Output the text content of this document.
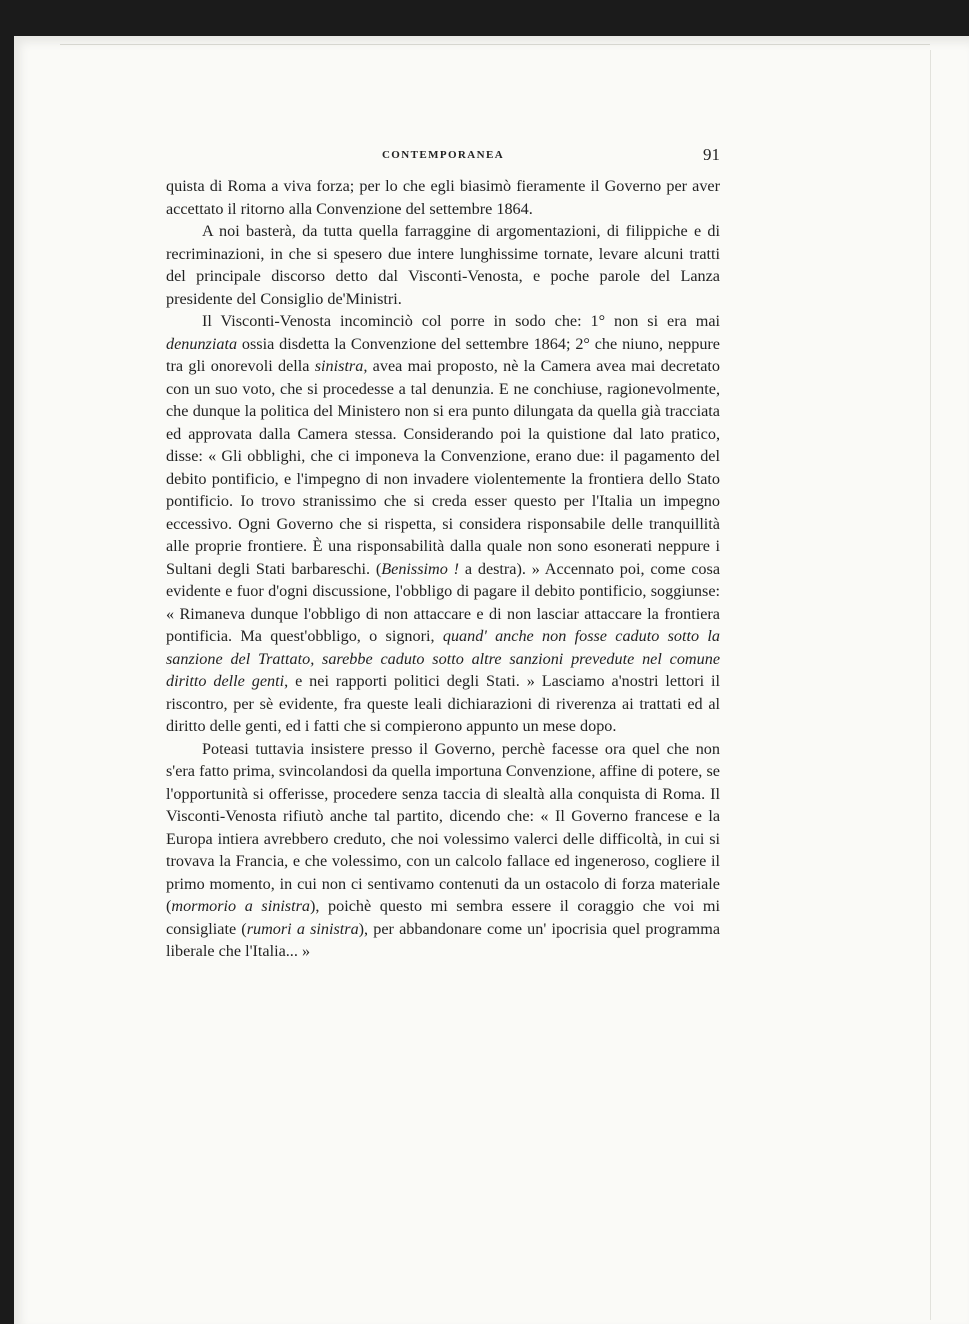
CONTEMPORANEA	91

quista di Roma a viva forza; per lo che egli biasimò fieramente il Governo per aver accettato il ritorno alla Convenzione del settembre 1864.

A noi basterà, da tutta quella farraggine di argomentazioni, di filippiche e di recriminazioni, in che si spesero due intere lunghissime tornate, levare alcuni tratti del principale discorso detto dal Visconti-Venosta, e poche parole del Lanza presidente del Consiglio de'Ministri.

Il Visconti-Venosta incominciò col porre in sodo che: 1° non si era mai denunziata ossia disdetta la Convenzione del settembre 1864; 2° che niuno, neppure tra gli onorevoli della sinistra, avea mai proposto, nè la Camera avea mai decretato con un suo voto, che si procedesse a tal denunzia. E ne conchiuse, ragionevolmente, che dunque la politica del Ministero non si era punto dilungata da quella già tracciata ed approvata dalla Camera stessa. Considerando poi la quistione dal lato pratico, disse: « Gli obblighi, che ci imponeva la Convenzione, erano due: il pagamento del debito pontificio, e l'impegno di non invadere violentemente la frontiera dello Stato pontificio. Io trovo stranissimo che si creda esser questo per l'Italia un impegno eccessivo. Ogni Governo che si rispetta, si considera risponsabile delle tranquillità alle proprie frontiere. È una risponsabilità dalla quale non sono esonerati neppure i Sultani degli Stati barbareschi. (Benissimo ! a destra). » Accennato poi, come cosa evidente e fuor d'ogni discussione, l'obbligo di pagare il debito pontificio, soggiunse: « Rimaneva dunque l'obbligo di non attaccare e di non lasciar attaccare la frontiera pontificia. Ma quest'obbligo, o signori, quand' anche non fosse caduto sotto la sanzione del Trattato, sarebbe caduto sotto altre sanzioni prevedute nel comune diritto delle genti, e nei rapporti politici degli Stati. » Lasciamo a'nostri lettori il riscontro, per sè evidente, fra queste leali dichiarazioni di riverenza ai trattati ed al diritto delle genti, ed i fatti che si compierono appunto un mese dopo.

Poteasi tuttavia insistere presso il Governo, perchè facesse ora quel che non s'era fatto prima, svincolandosi da quella importuna Convenzione, affine di potere, se l'opportunità si offerisse, procedere senza taccia di slealtà alla conquista di Roma. Il Visconti-Venosta rifiutò anche tal partito, dicendo che: « Il Governo francese e la Europa intiera avrebbero creduto, che noi volessimo valerci delle difficoltà, in cui si trovava la Francia, e che volessimo, con un calcolo fallace ed ingeneroso, cogliere il primo momento, in cui non ci sentivamo contenuti da un ostacolo di forza materiale (mormorio a sinistra), poichè questo mi sembra essere il coraggio che voi mi consigliate (rumori a sinistra), per abbandonare come un' ipocrisia quel programma liberale che l'Italia... »
